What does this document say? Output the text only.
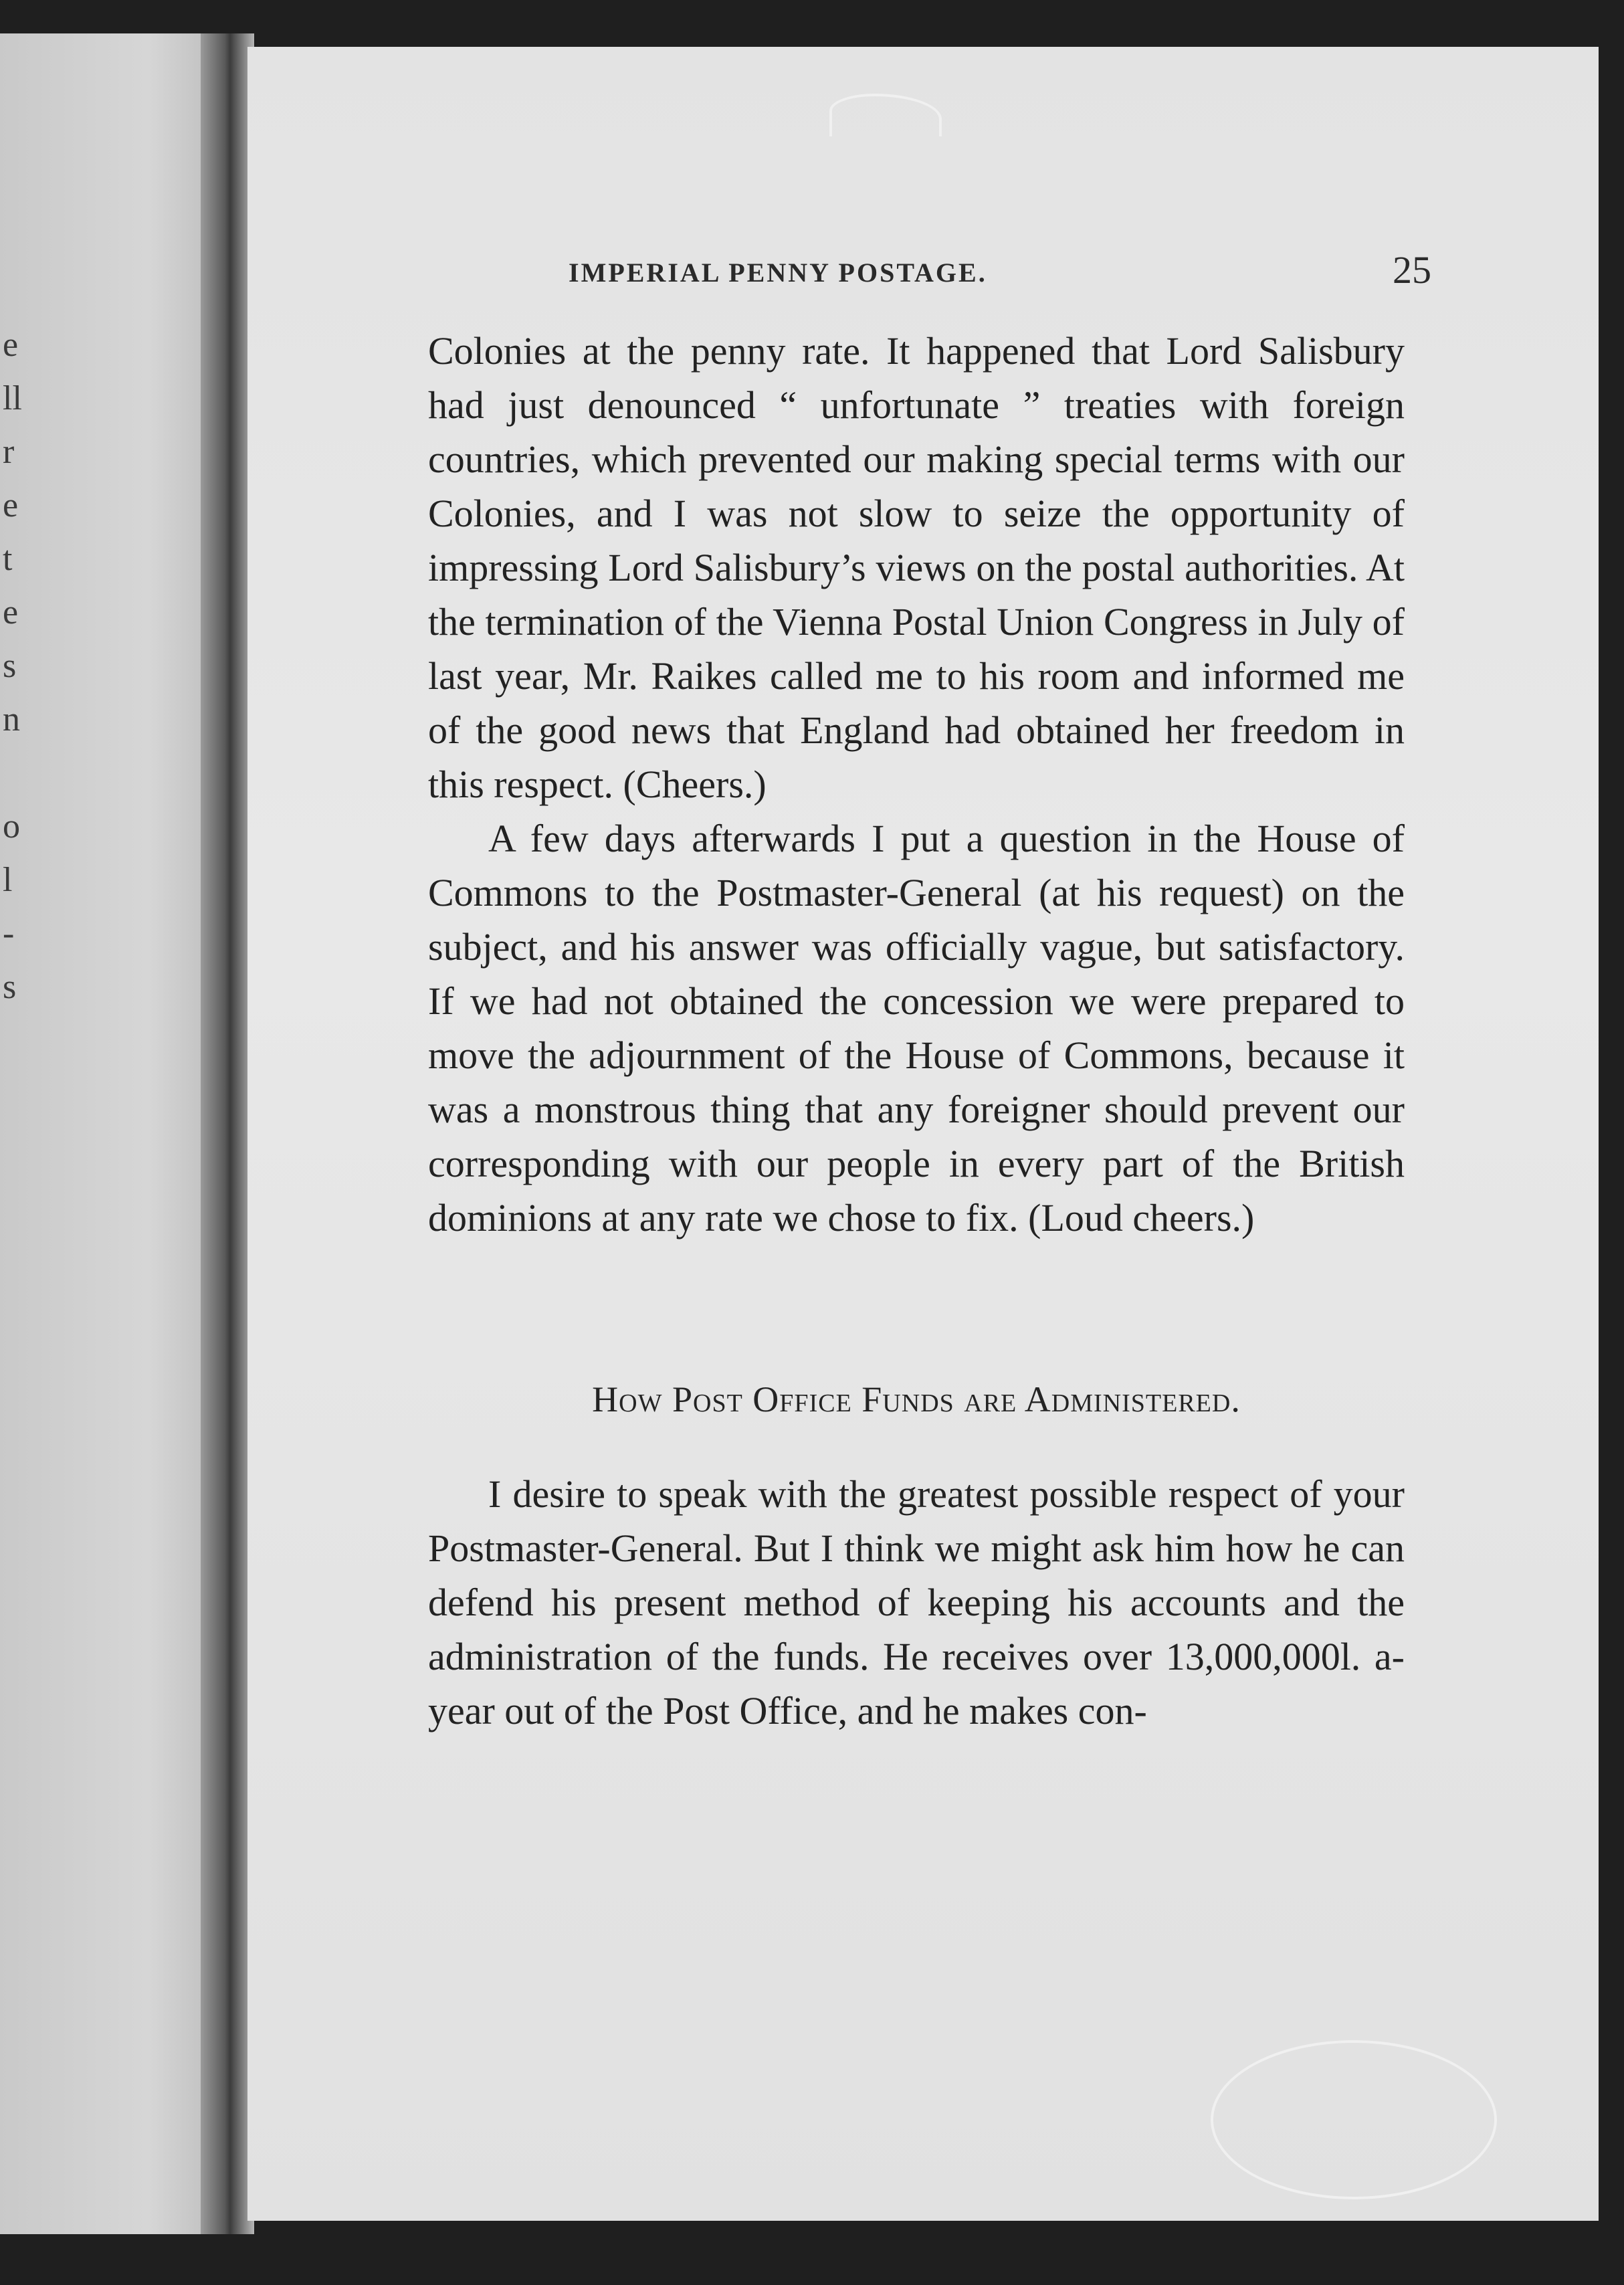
e
ll
r
e
t
e
s
n
o
l
-
s
IMPERIAL PENNY POSTAGE.	25

Colonies at the penny rate. It happened that Lord Salisbury had just denounced “ unfortunate ” treaties with foreign countries, which prevented our making special terms with our Colonies, and I was not slow to seize the opportunity of impressing Lord Salisbury’s views on the postal authorities. At the termination of the Vienna Postal Union Congress in July of last year, Mr. Raikes called me to his room and informed me of the good news that England had obtained her freedom in this respect. (Cheers.)

A few days afterwards I put a question in the House of Commons to the Postmaster-General (at his request) on the subject, and his answer was officially vague, but satisfactory. If we had not obtained the concession we were prepared to move the adjournment of the House of Commons, because it was a monstrous thing that any foreigner should prevent our corresponding with our people in every part of the British dominions at any rate we chose to fix. (Loud cheers.)

How Post Office Funds are Administered.

I desire to speak with the greatest possible respect of your Postmaster-General. But I think we might ask him how he can defend his present method of keeping his accounts and the administration of the funds. He receives over 13,000,000l. a-year out of the Post Office, and he makes con-
